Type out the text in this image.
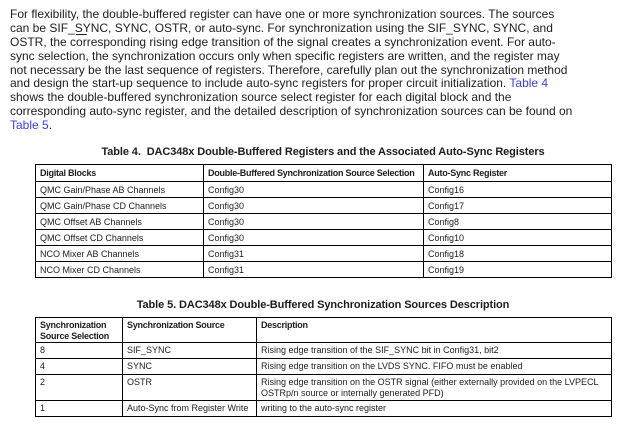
For flexibility, the double-buffered register can have one or more synchronization sources. The sources
can be SIF_SYNC, SYNC, OSTR, or auto-sync. For synchronization using the SIF_SYNC, SYNC, and
OSTR, the $c\overline{or}responding$ rising edge transition of the signal creates a synchronization event. For auto-
sync selection, the synchronization occurs only when specific registers are written, and the register may
not necessary be the last sequence of registers. Therefore, carefully plan out the synchronization method
and design the start-up sequence to include auto-sync registers for proper circuit initialization. Table 4
shows the double-buffered synchronization source select register for each digital block and the
corresponding auto-sync register, and the detailed description of synchronization sources can be found on
Table 5.
Table 4.  DAC348x Double-Buffered Registers and the Associated Auto-Sync Registers
Digital Blocks	Double-Buffered Synchronization Source Selection	Auto-Sync Register
QMC Gain/Phase AB Channels	Config30	Config16
QMC Gain/Phase CD Channels	Config30	Config17
QMC Offset AB Channels	Config30	Config8
QMC Offset CD Channels	Config30	Config10
NCO Mixer AB Channels	Config31	Config18
NCO Mixer CD Channels	Config31	Config19
Table 5. DAC348x Double-Buffered Synchronization Sources Description
Synchronization Source Selection	Synchronization Source	Description
8	SIF_SYNC	Rising edge transition of the SIF_SYNC bit in Config31, bit2
4	SYNC	Rising edge transition on the LVDS SYNC. FIFO must be enabled
2	OSTR	Rising edge transition on the OSTR signal (either externally provided on the LVPECL OSTRp/n source or internally generated PFD)
1	Auto-Sync from Register Write	writing to the auto-sync register
